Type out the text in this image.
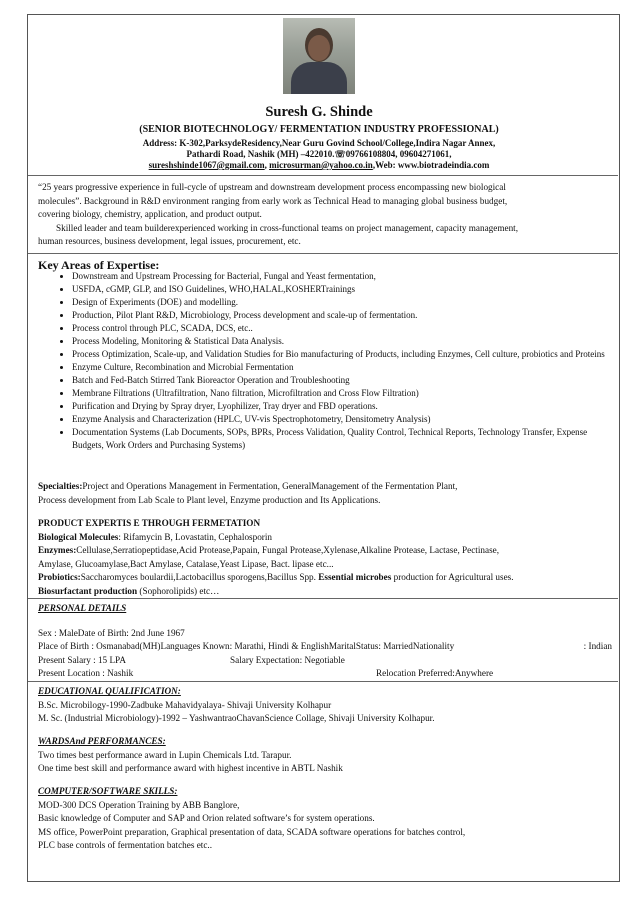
Suresh G. Shinde
(SENIOR BIOTECHNOLOGY/ FERMENTATION INDUSTRY PROFESSIONAL)
Address: K-302,ParksydeResidency,Near Guru Govind School/College,Indira Nagar Annex,
Pathardi Road, Nashik (MH) –422010.☏09766108804, 09604271061,
sureshshinde1067@gmail.com, microsurman@yahoo.co.in,Web: www.biotradeindia.com
“25 years progressive experience in full-cycle of upstream and downstream development process encompassing new biological
molecules”. Background in R&D environment ranging from early work as Technical Head to managing global business budget,
covering biology, chemistry, application, and product output.
Skilled leader and team builderexperienced working in cross-functional teams on project management, capacity management,
human resources, business development, legal issues, procurement, etc.
Key Areas of Expertise:
• Downstream and Upstream Processing for Bacterial, Fungal and Yeast fermentation,
• USFDA, cGMP, GLP, and ISO Guidelines, WHO,HALAL,KOSHERTrainings
• Design of Experiments (DOE) and modelling.
• Production, Pilot Plant R&D, Microbiology, Process development and scale-up of fermentation.
• Process control through PLC, SCADA, DCS, etc..
• Process Modeling, Monitoring & Statistical Data Analysis.
• Process Optimization, Scale-up, and Validation Studies for Bio manufacturing of Products, including Enzymes, Cell culture, probiotics and Proteins
• Enzyme Culture, Recombination and Microbial Fermentation
• Batch and Fed-Batch Stirred Tank Bioreactor Operation and Troubleshooting
• Membrane Filtrations (Ultrafiltration, Nano filtration, Microfiltration and Cross Flow Filtration)
• Purification and Drying by Spray dryer, Lyophilizer, Tray dryer and FBD operations.
• Enzyme Analysis and Characterization (HPLC, UV-vis Spectrophotometry, Densitometry Analysis)
• Documentation Systems (Lab Documents, SOPs, BPRs, Process Validation, Quality Control, Technical Reports, Technology Transfer, Expense Budgets, Work Orders and Purchasing Systems)
Specialties:Project and Operations Management in Fermentation, GeneralManagement of the Fermentation Plant,
Process development from Lab Scale to Plant level, Enzyme production and Its Applications.
PRODUCT EXPERTIS E THROUGH FERMETATION
Biological Molecules: Rifamycin B, Lovastatin, Cephalosporin
Enzymes:Cellulase,Serratiopeptidase,Acid Protease,Papain, Fungal Protease,Xylenase,Alkaline Protease, Lactase, Pectinase,
Amylase, Glucoamylase,Bact Amylase, Catalase,Yeast Lipase, Bact. lipase etc...
Probiotics:Saccharomyces boulardii,Lactobacillus sporogens,Bacillus Spp. Essential microbes production for Agricultural uses.
Biosurfactant production (Sophorolipids) etc…
PERSONAL DETAILS
Sex : MaleDate of Birth: 2nd June 1967
Place of Birth : Osmanabad(MH)Languages Known: Marathi, Hindi & EnglishMaritalStatus: MarriedNationality	: Indian
Present Salary : 15 LPA	Salary Expectation: Negotiable
Present Location : Nashik	Relocation Preferred:Anywhere
EDUCATIONAL QUALIFICATION:
B.Sc. Microbilogy-1990-Zadbuke Mahavidyalaya- Shivaji University Kolhapur
M. Sc. (Industrial Microbiology)-1992 – YashwantraoChavanScience Collage, Shivaji University Kolhapur.
WARDSAnd PERFORMANCES:
Two times best performance award in Lupin Chemicals Ltd. Tarapur.
One time best skill and performance award with highest incentive in ABTL Nashik
COMPUTER/SOFTWARE SKILLS:
MOD-300 DCS Operation Training by ABB Banglore,
Basic knowledge of Computer and SAP and Orion related software’s for system operations.
MS office, PowerPoint preparation, Graphical presentation of data, SCADA software operations for batches control,
PLC base controls of fermentation batches etc..
